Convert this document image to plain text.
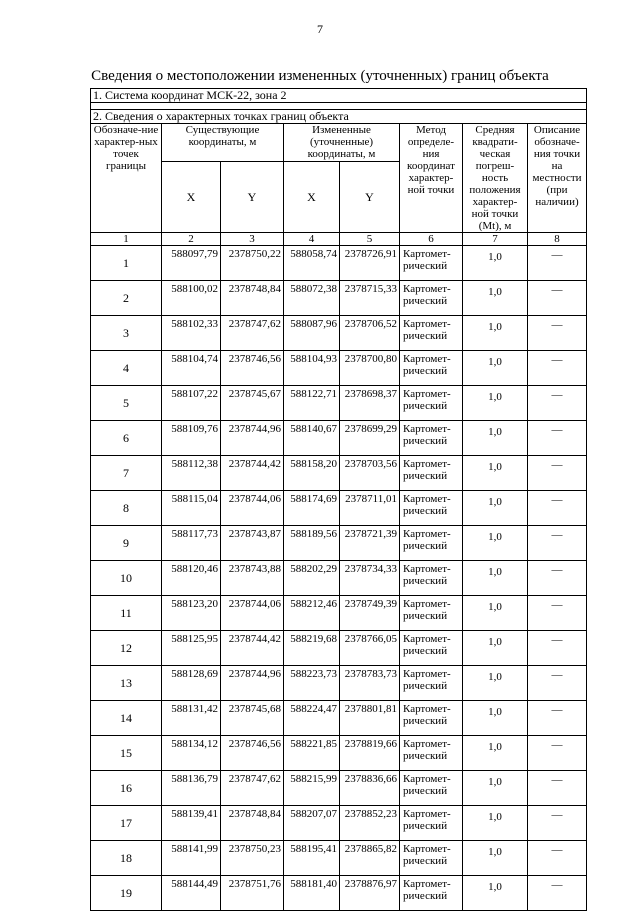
7
Сведения о местоположении измененных (уточненных) границ объекта
1. Система координат МСК-22, зона 2							

2. Сведения о характерных точках границ объекта							
Обозначе-ние характер-ных точек границы	Существующие координаты, м		Измененные (уточненные) координаты, м		Метод определе-ния координат характер-ной точки	Средняя квадрати-ческая погреш-ность положения характер-ной точки (Mt), м	Описание обозначе-ния точки на местности (при наличии)
	X	Y	X	Y			
1	2	3	4	5	6	7	8
1	588097,79	2378750,22	588058,74	2378726,91	Картомет-рический	1,0	—
2	588100,02	2378748,84	588072,38	2378715,33	Картомет-рический	1,0	—
3	588102,33	2378747,62	588087,96	2378706,52	Картомет-рический	1,0	—
4	588104,74	2378746,56	588104,93	2378700,80	Картомет-рический	1,0	—
5	588107,22	2378745,67	588122,71	2378698,37	Картомет-рический	1,0	—
6	588109,76	2378744,96	588140,67	2378699,29	Картомет-рический	1,0	—
7	588112,38	2378744,42	588158,20	2378703,56	Картомет-рический	1,0	—
8	588115,04	2378744,06	588174,69	2378711,01	Картомет-рический	1,0	—
9	588117,73	2378743,87	588189,56	2378721,39	Картомет-рический	1,0	—
10	588120,46	2378743,88	588202,29	2378734,33	Картомет-рический	1,0	—
11	588123,20	2378744,06	588212,46	2378749,39	Картомет-рический	1,0	—
12	588125,95	2378744,42	588219,68	2378766,05	Картомет-рический	1,0	—
13	588128,69	2378744,96	588223,73	2378783,73	Картомет-рический	1,0	—
14	588131,42	2378745,68	588224,47	2378801,81	Картомет-рический	1,0	—
15	588134,12	2378746,56	588221,85	2378819,66	Картомет-рический	1,0	—
16	588136,79	2378747,62	588215,99	2378836,66	Картомет-рический	1,0	—
17	588139,41	2378748,84	588207,07	2378852,23	Картомет-рический	1,0	—
18	588141,99	2378750,23	588195,41	2378865,82	Картомет-рический	1,0	—
19	588144,49	2378751,76	588181,40	2378876,97	Картомет-рический	1,0	—
